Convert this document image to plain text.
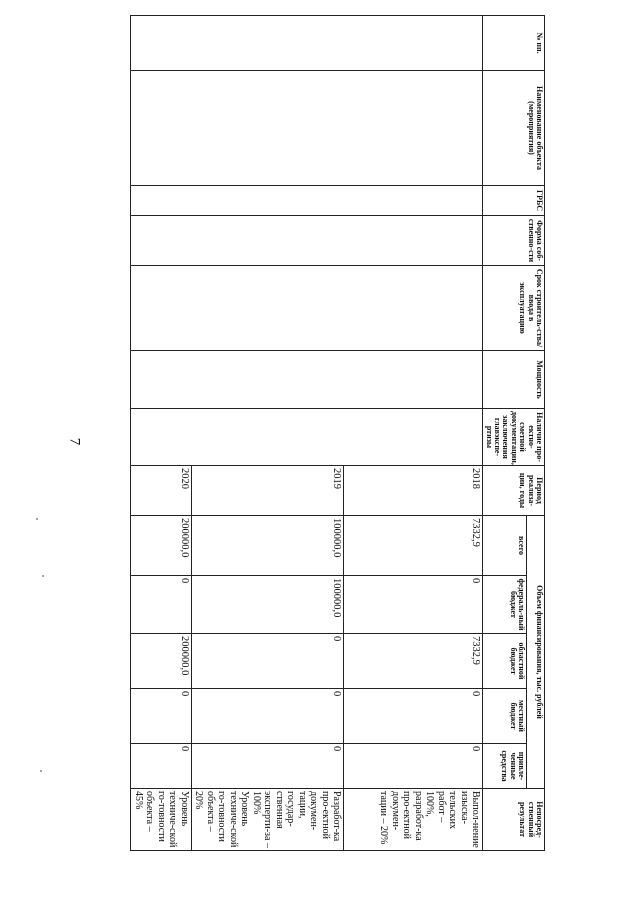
7
№ пп.	Наименование объекта (мероприятия)	ГРБС	Форма соб-ственно-сти	Срок строитель-ства/ввода в эксплуатацию	Мощность	Наличие про-ектно-сметной документации, заключения главэкспе-ртизы	Период реализа-ции, годы	Объем финансирования, тыс. рублей					Непосред-ственный результат
								всего	федераль-ный бюджет	областной бюджет	местный бюджет	привле-ченные средства	
							2018	7332,9	0	7332,9	0	0	Выпол-нение изыска-тельских работ – 100%, разработ-ка про-ектной докумен-тации – 20%
							2019	100000,0	100000,0	0	0	0	Разработ-ка про-ектной докумен-тации, государ-ственная эксперти-за – 100% Уровень техниче-ской го-товности объекта – 20%
							2020	200000,0	0	200000,0	0	0	Уровень техниче-ской го-товности объекта – 45%
